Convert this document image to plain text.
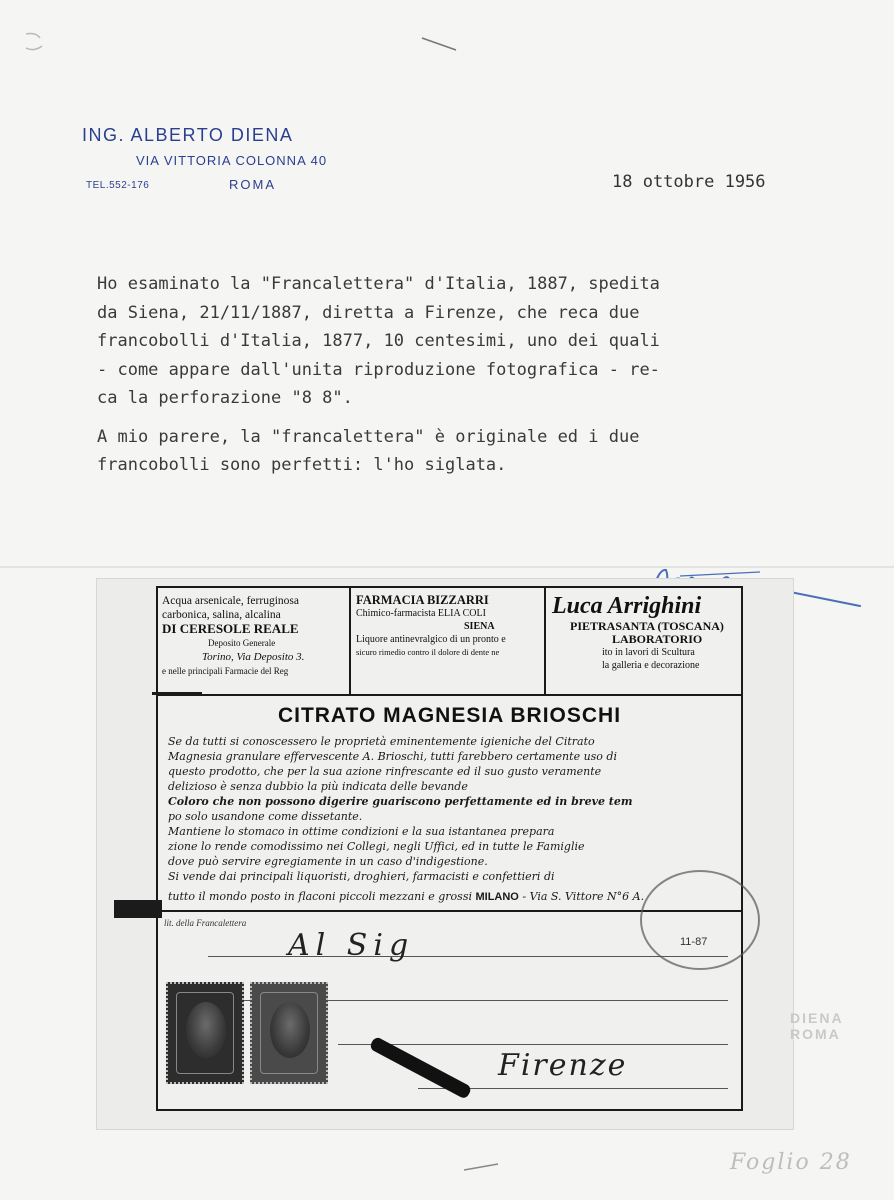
ING. ALBERTO DIENA
VIA VITTORIA COLONNA 40
TEL.552-176	ROMA	18 ottobre 1956
Ho esaminato la "Francalettera" d'Italia, 1887, spedita
da Siena, 21/11/1887, diretta a Firenze, che reca due
francobolli d'Italia, 1877, 10 centesimi, uno dei quali
- come appare dall'unita riproduzione fotografica - re-
ca la perforazione "8 8".
A mio parere, la "francalettera" è originale ed i due
francobolli sono perfetti: l'ho siglata.
Acqua arsenicale, ferruginosa
carbonica, salina, alcalina
DI CERESOLE REALE
Deposito Generale
Torino, Via Deposito 3.
e nelle principali Farmacie del Reg
FARMACIA BIZZARRI
Chimico-farmacista ELIA COLI
SIENA
Liquore antinevralgico di un pronto e
sicuro rimedio contro il dolore di dente ne
Luca Arrighini
PIETRASANTA (TOSCANA)
LABORATORIO
ito in lavori di Scultura
la galleria e decorazione
CITRATO MAGNESIA BRIOSCHI
Se da tutti si conoscessero le proprietà eminentemente igieniche del Citrato
Magnesia granulare effervescente A. Brioschi, tutti farebbero certamente uso di
questo prodotto, che per la sua azione rinfrescante ed il suo gusto veramente
delizioso è senza dubbio la più indicata delle bevande
Coloro che non possono digerire guariscono perfettamente ed in breve tem
po solo usandone come dissetante.
Mantiene lo stomaco in ottime condizioni e la sua istantanea prepara
zione lo rende comodissimo nei Collegi, negli Uffici, ed in tutte le Famiglie
dove può servire egregiamente in un caso d'indigestione.
Si vende dai principali liquoristi, droghieri, farmacisti e confettieri di
tutto il mondo posto in flaconi piccoli mezzani e grossi MILANO - Via S. Vittore N°6 A.
lit. della Francalettera
Al Sig
Firenze
11-87
DIENA ROMA
Foglio 28
